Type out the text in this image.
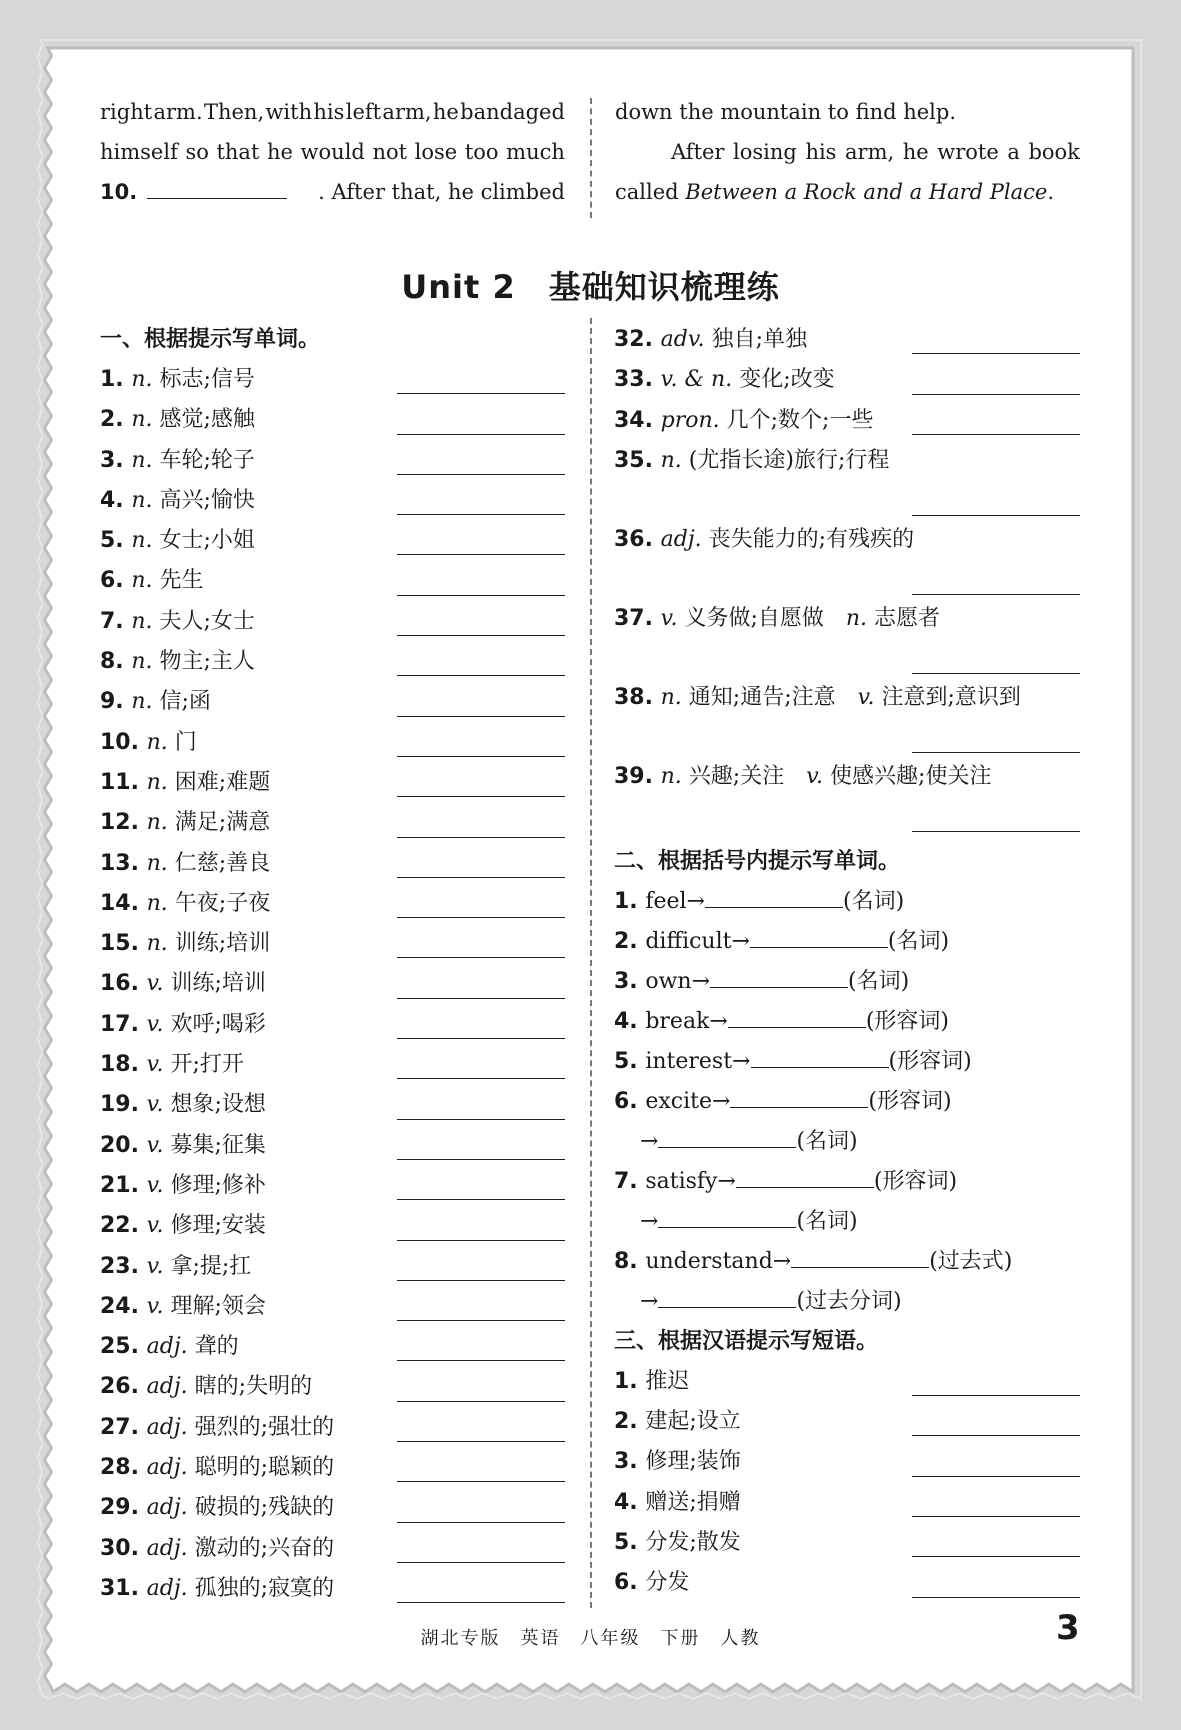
right arm. Then, with his left arm, he bandaged
himself so that he would not lose too much
10.	. After that, he climbed
down the mountain to find help.
After losing his arm, he wrote a book
called Between a Rock and a Hard Place.
Unit 2　基础知识梳理练
一、根据提示写单词。
1. n. 标志;信号
2. n. 感觉;感触
3. n. 车轮;轮子
4. n. 高兴;愉快
5. n. 女士;小姐
6. n. 先生
7. n. 夫人;女士
8. n. 物主;主人
9. n. 信;函
10. n. 门
11. n. 困难;难题
12. n. 满足;满意
13. n. 仁慈;善良
14. n. 午夜;子夜
15. n. 训练;培训
16. v. 训练;培训
17. v. 欢呼;喝彩
18. v. 开;打开
19. v. 想象;设想
20. v. 募集;征集
21. v. 修理;修补
22. v. 修理;安装
23. v. 拿;提;扛
24. v. 理解;领会
25. adj. 聋的
26. adj. 瞎的;失明的
27. adj. 强烈的;强壮的
28. adj. 聪明的;聪颖的
29. adj. 破损的;残缺的
30. adj. 激动的;兴奋的
31. adj. 孤独的;寂寞的
32. adv. 独自;单独
33. v. & n. 变化;改变
34. pron. 几个;数个;一些
35. n. (尤指长途)旅行;行程
36. adj. 丧失能力的;有残疾的
37. v. 义务做;自愿做　n. 志愿者
38. n. 通知;通告;注意　v. 注意到;意识到
39. n. 兴趣;关注　v. 使感兴趣;使关注
二、根据括号内提示写单词。
1. feel→	(名词)
2. difficult→	(名词)
3. own→	(名词)
4. break→	(形容词)
5. interest→	(形容词)
6. excite→	(形容词)
→	(名词)
7. satisfy→	(形容词)
→	(名词)
8. understand→	(过去式)
→	(过去分词)
三、根据汉语提示写短语。
1. 推迟
2. 建起;设立
3. 修理;装饰
4. 赠送;捐赠
5. 分发;散发
6. 分发
湖北专版　英语　八年级　下册　人教	3
